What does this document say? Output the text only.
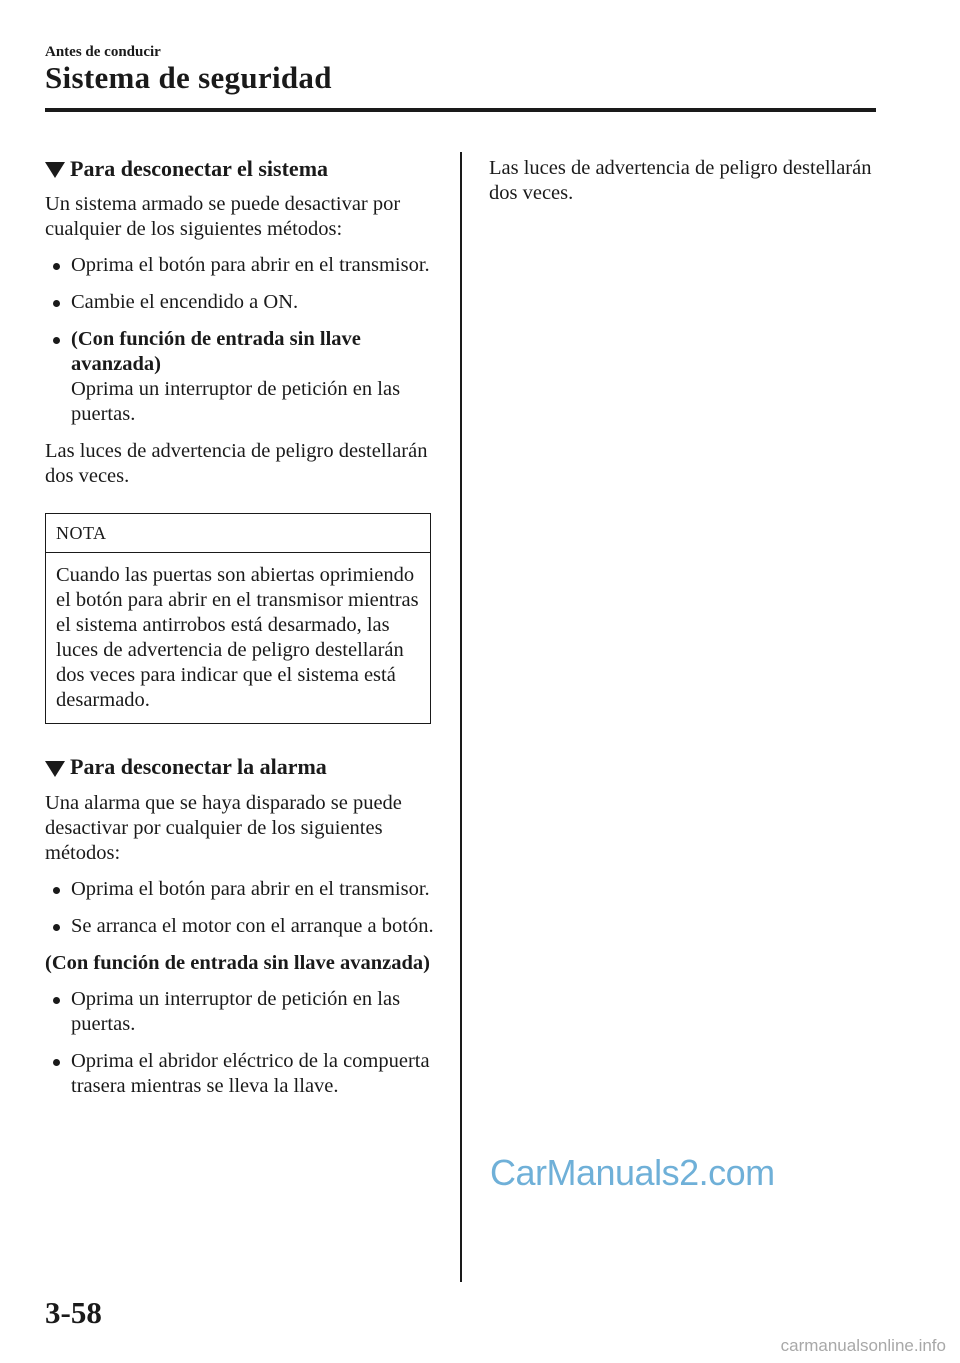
Antes de conducir
Sistema de seguridad
Para desconectar el sistema

Un sistema armado se puede desactivar por cualquier de los siguientes métodos:

Oprima el botón para abrir en el transmisor.
Cambie el encendido a ON.
(Con función de entrada sin llave avanzada)
Oprima un interruptor de petición en las puertas.

Las luces de advertencia de peligro destellarán dos veces.

NOTA
Cuando las puertas son abiertas oprimiendo el botón para abrir en el transmisor mientras el sistema antirrobos está desarmado, las luces de advertencia de peligro destellarán dos veces para indicar que el sistema está desarmado.
Para desconectar la alarma

Una alarma que se haya disparado se puede desactivar por cualquier de los siguientes métodos:

Oprima el botón para abrir en el transmisor.
Se arranca el motor con el arranque a botón.

(Con función de entrada sin llave avanzada)

Oprima un interruptor de petición en las puertas.
Oprima el abridor eléctrico de la compuerta trasera mientras se lleva la llave.

Las luces de advertencia de peligro destellarán dos veces.

CarManuals2.com
3-58
carmanualsonline.info
